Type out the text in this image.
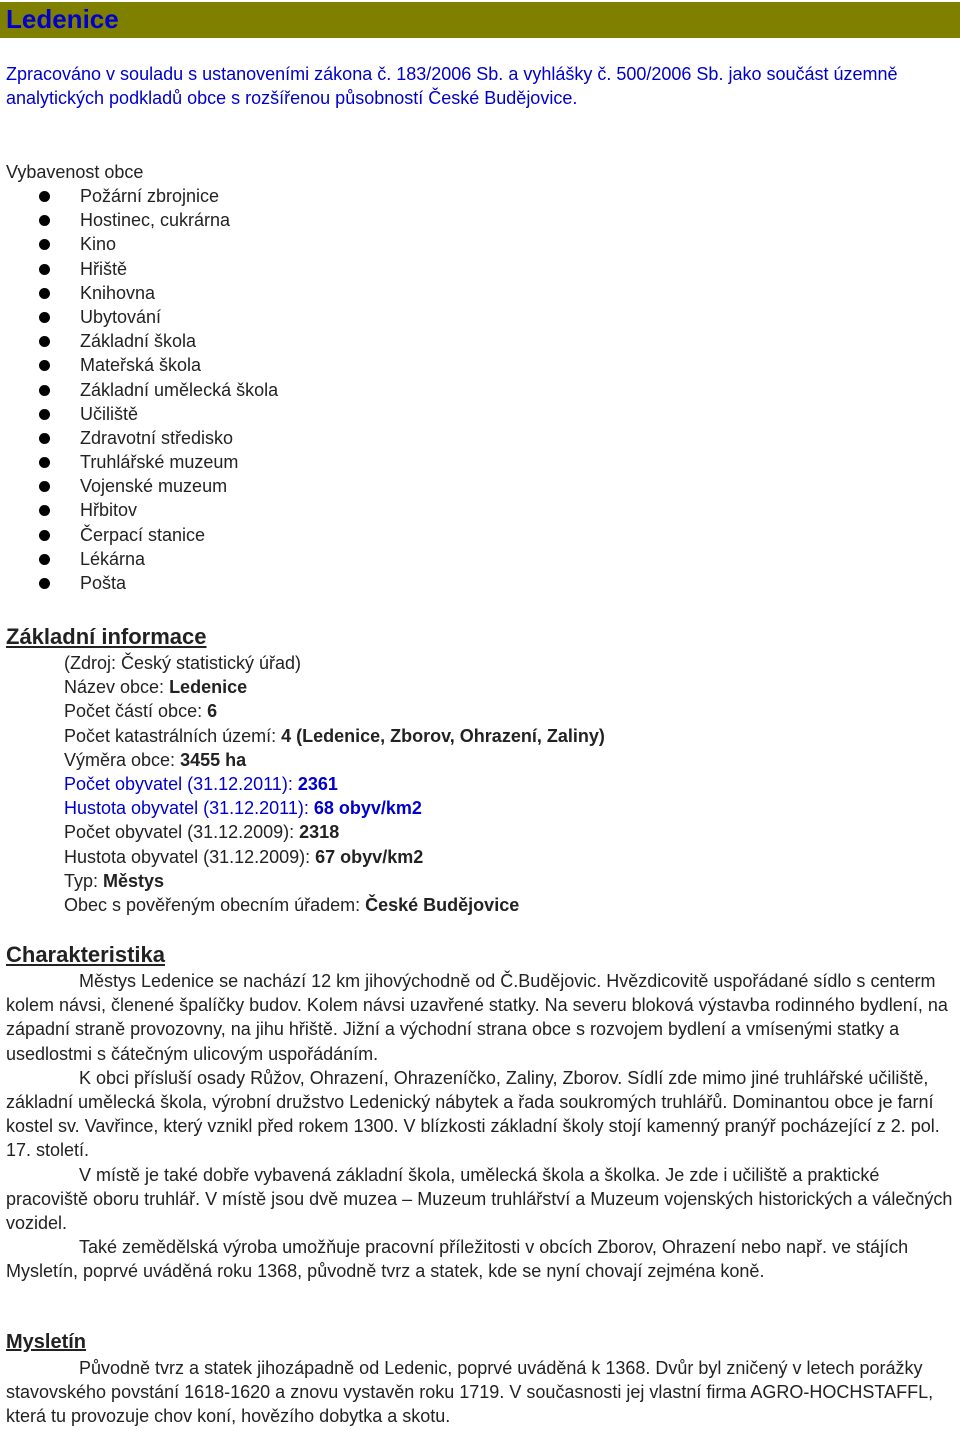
Ledenice
Zpracováno v souladu s ustanoveními zákona č. 183/2006 Sb. a vyhlášky č. 500/2006 Sb. jako součást územně analytických podkladů obce s rozšířenou působností České Budějovice.
Vybavenost obce
Požární zbrojnice
Hostinec, cukrárna
Kino
Hřiště
Knihovna
Ubytování
Základní škola
Mateřská škola
Základní umělecká škola
Učiliště
Zdravotní středisko
Truhlářské muzeum
Vojenské muzeum
Hřbitov
Čerpací stanice
Lékárna
Pošta
Základní informace
(Zdroj: Český statistický úřad)
Název obce: Ledenice
Počet částí obce: 6
Počet katastrálních území: 4 (Ledenice, Zborov, Ohrazení, Zaliny)
Výměra obce: 3455 ha
Počet obyvatel (31.12.2011): 2361
Hustota obyvatel (31.12.2011): 68 obyv/km2
Počet obyvatel (31.12.2009): 2318
Hustota obyvatel (31.12.2009): 67 obyv/km2
Typ: Městys
Obec s pověřeným obecním úřadem: České Budějovice
Charakteristika

Městys Ledenice se nachází 12 km jihovýchodně od Č.Budějovic. Hvězdicovitě uspořádané sídlo s centerm kolem návsi, členené špalíčky budov. Kolem návsi uzavřené statky. Na severu bloková výstavba rodinného bydlení, na západní straně provozovny, na jihu hřiště. Jižní a východní strana obce s rozvojem bydlení a vmísenými statky a usedlostmi s čátečným ulicovým uspořádáním.

K obci přísluší osady Růžov, Ohrazení, Ohrazeníčko, Zaliny, Zborov. Sídlí zde mimo jiné truhlářské učiliště, základní umělecká škola, výrobní družstvo Ledenický nábytek a řada soukromých truhlářů. Dominantou obce je farní kostel sv. Vavřince, který vznikl před rokem 1300. V blízkosti základní školy stojí kamenný pranýř pocházející z 2. pol. 17. století.

V místě je také dobře vybavená základní škola, umělecká škola a školka. Je zde i učiliště a praktické pracoviště oboru truhlář. V místě jsou dvě muzea – Muzeum truhlářství a Muzeum vojenských historických a válečných vozidel.

Také zemědělská výroba umožňuje pracovní příležitosti v obcích Zborov, Ohrazení nebo např. ve stájích Mysletín, poprvé uváděná roku 1368, původně tvrz a statek, kde se nyní chovají zejména koně.

Mysletín

Původně tvrz a statek jihozápadně od Ledenic, poprvé uváděná k 1368. Dvůr byl zničený v letech porážky stavovského povstání 1618-1620 a znovu vystavěn roku 1719. V současnosti jej vlastní firma AGRO-HOCHSTAFFL, která tu provozuje chov koní, hovězího dobytka a skotu.
